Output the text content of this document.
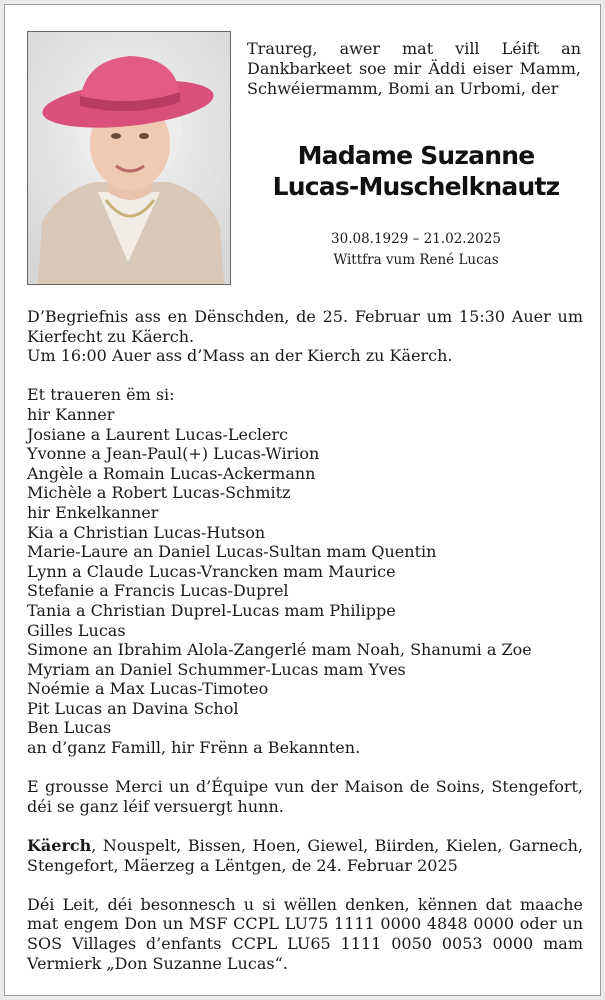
Traureg, awer mat vill Léift an Dankbarkeet soe mir Äddi eiser Mamm, Schwéiermamm, Bomi an Urbomi, der
Madame Suzanne
Lucas-Muschelknautz
30.08.1929 – 21.02.2025
Wittfra vum René Lucas

D’Begriefnis ass en Dënschden, de 25. Februar um 15:30 Auer um Kierfecht zu Käerch.

Um 16:00 Auer ass d’Mass an der Kierch zu Käerch.

Et traueren ëm si:
hir Kanner
Josiane a Laurent Lucas-Leclerc
Yvonne a Jean-Paul(+) Lucas-Wirion
Angèle a Romain Lucas-Ackermann
Michèle a Robert Lucas-Schmitz
hir Enkelkanner
Kia a Christian Lucas-Hutson
Marie-Laure an Daniel Lucas-Sultan mam Quentin
Lynn a Claude Lucas-Vrancken mam Maurice
Stefanie a Francis Lucas-Duprel
Tania a Christian Duprel-Lucas mam Philippe
Gilles Lucas
Simone an Ibrahim Alola-Zangerlé mam Noah, Shanumi a Zoe
Myriam an Daniel Schummer-Lucas mam Yves
Noémie a Max Lucas-Timoteo
Pit Lucas an Davina Schol
Ben Lucas
an d’ganz Famill, hir Frënn a Bekannten.

E grousse Merci un d’Équipe vun der Maison de Soins, Stengefort, déi se ganz léif versuergt hunn.

Käerch, Nouspelt, Bissen, Hoen, Giewel, Biirden, Kielen, Garnech, Stengefort, Mäerzeg a Lëntgen, de 24. Februar 2025

Déi Leit, déi besonnesch u si wëllen denken, kënnen dat maache mat engem Don un MSF CCPL LU75 1111 0000 4848 0000 oder un SOS Villages d’enfants CCPL LU65 1111 0050 0053 0000 mam Vermierk „Don Suzanne Lucas“.
